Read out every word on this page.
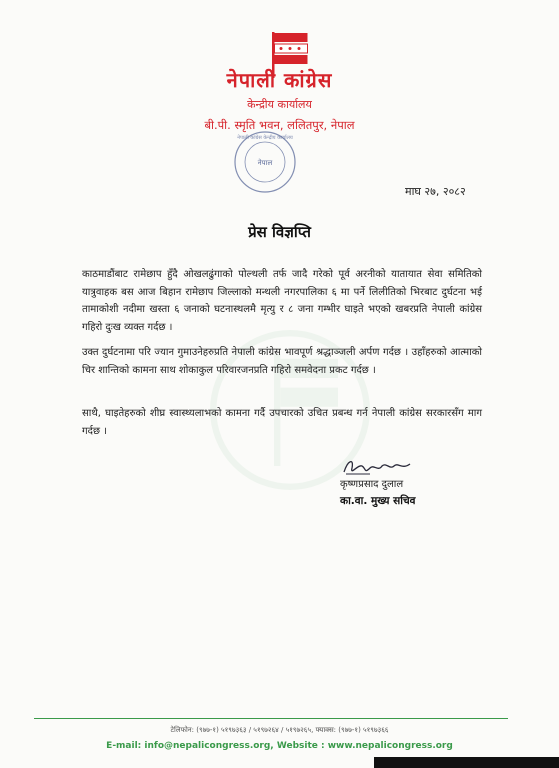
नेपाली कांग्रेस
केन्द्रीय कार्यालय
बी.पी. स्मृति भवन, ललितपुर, नेपाल
नेपाल
नेपाली कांग्रेस केन्द्रीय कार्यालय
माघ २७, २०८२
प्रेस विज्ञप्ति

काठमाडौंबाट रामेछाप हुँदै ओखलढुंगाको पोल्थली तर्फ जादै गरेको पूर्व अरनीको यातायात सेवा समितिको यात्रुवाहक बस आज बिहान रामेछाप जिल्लाको मन्थली नगरपालिका ६ मा पर्ने लिलीतिको भिरबाट दुर्घटना भई तामाकोशी नदीमा खस्ता ६ जनाको घटनास्थलमै मृत्यु र ८ जना गम्भीर घाइते भएको खबरप्रति नेपाली कांग्रेस गहिरो दुःख व्यक्त गर्दछ ।

उक्त दुर्घटनामा परि ज्यान गुमाउनेहरुप्रति नेपाली कांग्रेस भावपूर्ण श्रद्धाञ्जली अर्पण गर्दछ । उहाँहरुको आत्माको चिर शान्तिको कामना साथ शोकाकुल परिवारजनप्रति गहिरो समवेदना प्रकट गर्दछ ।

साथै, घाइतेहरुको शीघ्र स्वास्थ्यलाभको कामना गर्दै उपचारको उचित प्रबन्ध गर्न नेपाली कांग्रेस सरकारसँग माग गर्दछ ।

कृष्णप्रसाद दुलाल
का.वा. मुख्य सचिव
टेलिफोन: (९७७-१) ५१९७३६३ / ५१९७२६४ / ५१९७२६५, फ्याक्स: (९७७-१) ५१९७३६६
E-mail: info@nepalicongress.org, Website : www.nepalicongress.org
